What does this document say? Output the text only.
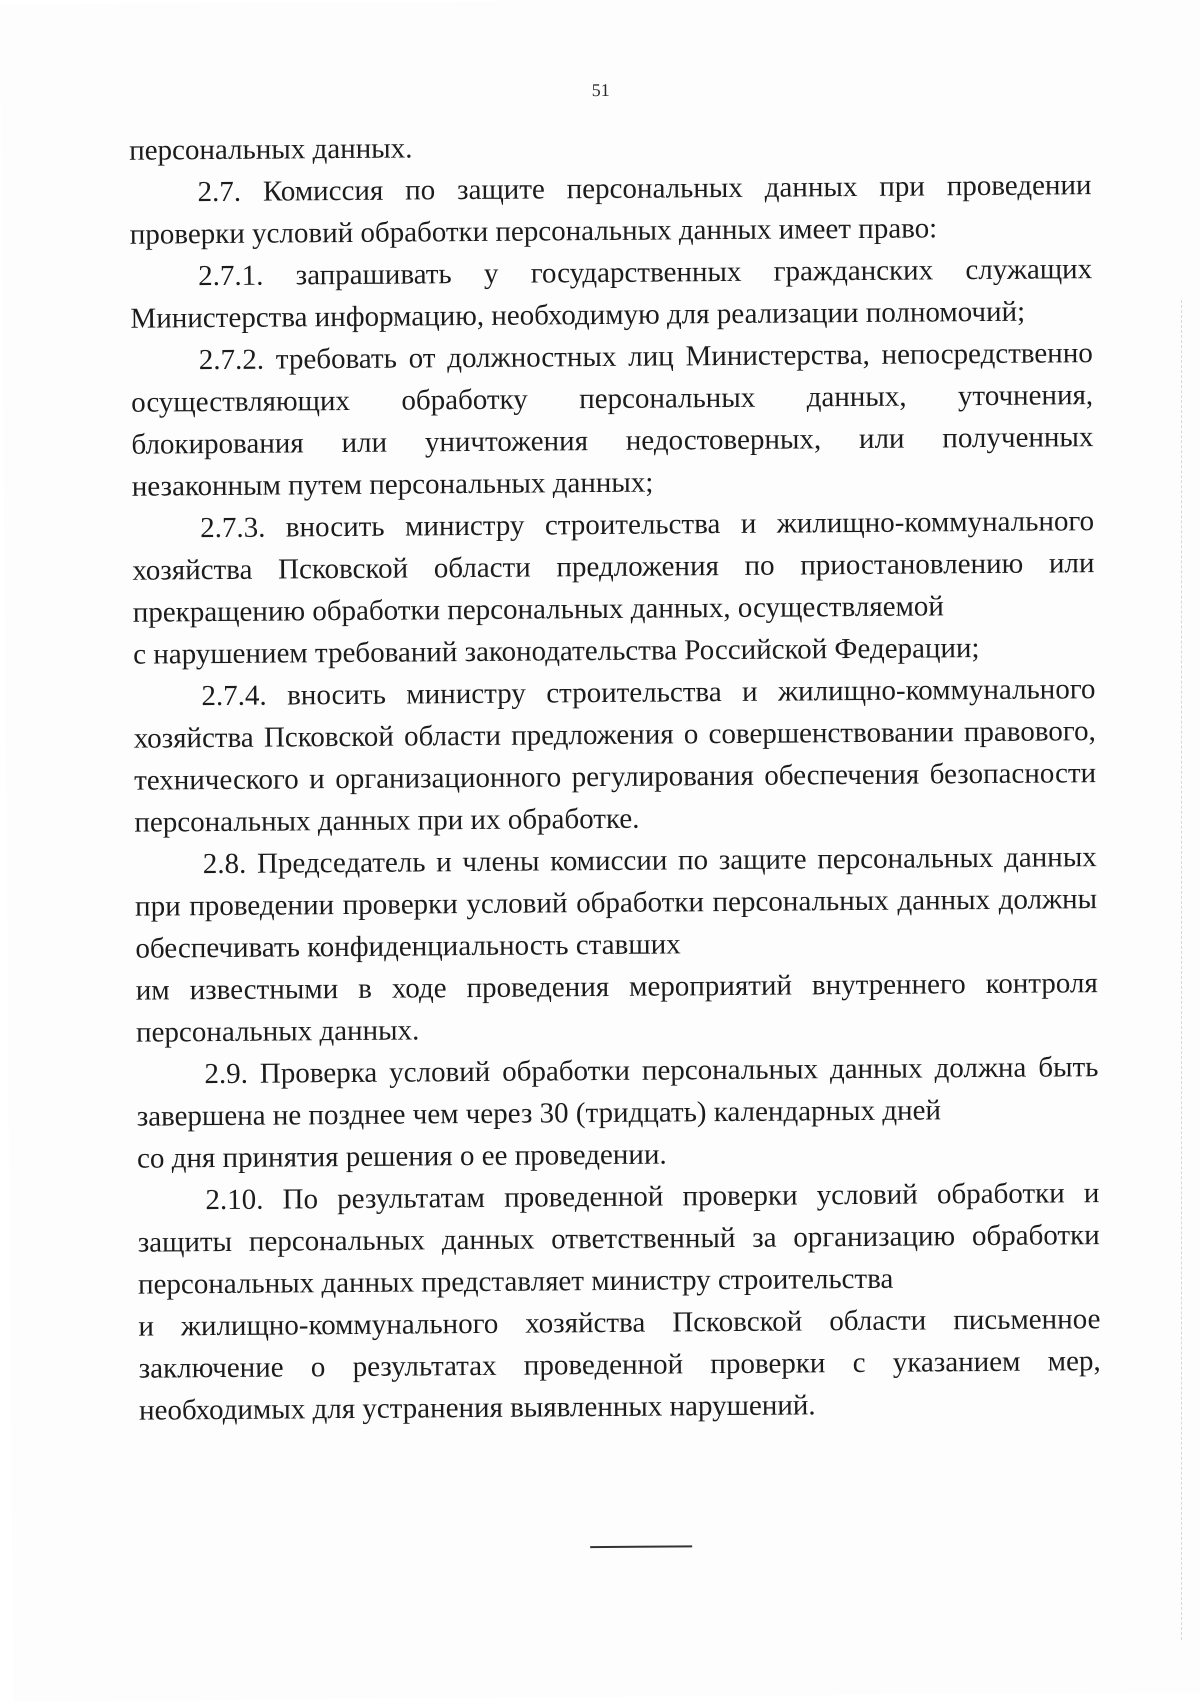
51

персональных данных.

2.7. Комиссия по защите персональных данных при проведении проверки условий обработки персональных данных имеет право:

2.7.1. запрашивать у государственных гражданских служащих Министерства информацию, необходимую для реализации полномочий;

2.7.2. требовать от должностных лиц Министерства, непосредственно осуществляющих обработку персональных данных, уточнения, блокирования или уничтожения недостоверных, или полученных незаконным путем персональных данных;

2.7.3. вносить министру строительства и жилищно-коммунального хозяйства Псковской области предложения по приостановлению или прекращению обработки персональных данных, осуществляемой

с нарушением требований законодательства Российской Федерации;

2.7.4. вносить министру строительства и жилищно-коммунального хозяйства Псковской области предложения о совершенствовании правового, технического и организационного регулирования обеспечения безопасности персональных данных при их обработке.

2.8. Председатель и члены комиссии по защите персональных данных при проведении проверки условий обработки персональных данных должны обеспечивать конфиденциальность ставших

им известными в ходе проведения мероприятий внутреннего контроля персональных данных.

2.9. Проверка условий обработки персональных данных должна быть завершена не позднее чем через 30 (тридцать) календарных дней

со дня принятия решения о ее проведении.

2.10. По результатам проведенной проверки условий обработки и защиты персональных данных ответственный за организацию обработки персональных данных представляет министру строительства

и жилищно-коммунального хозяйства Псковской области письменное заключение о результатах проведенной проверки с указанием мер, необходимых для устранения выявленных нарушений.
